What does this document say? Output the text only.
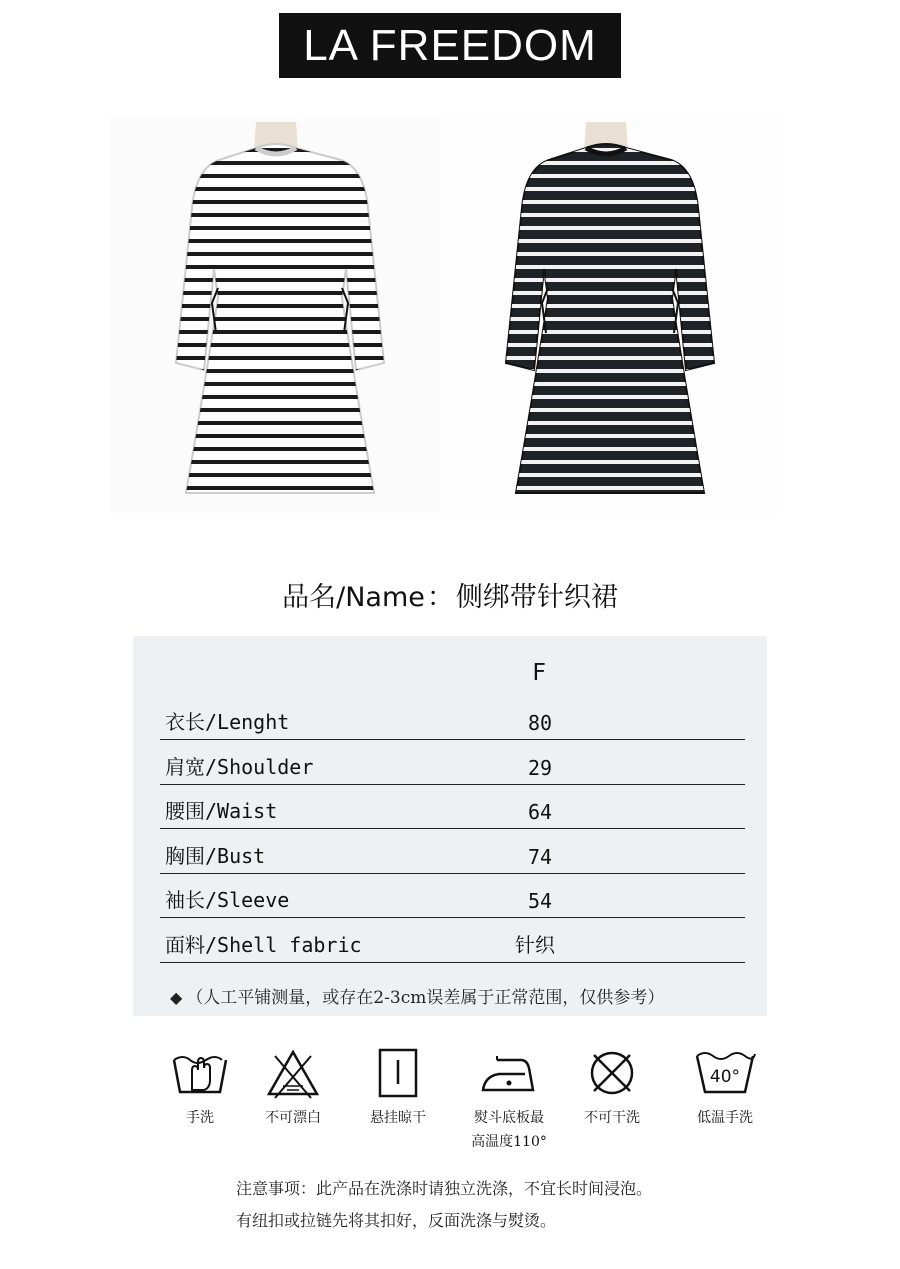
LA FREEDOM
品名/Name：侧绑带针织裙
F
衣长/Lenght	80
肩宽/Shoulder	29
腰围/Waist	64
胸围/Bust	74
袖长/Sleeve	54
面料/Shell fabric	针织
◆ （人工平铺测量，或存在2-3cm误差属于正常范围，仅供参考）
手洗	不可漂白	悬挂晾干	熨斗底板最
高温度110°
不可干洗
40°
低温手洗
注意事项：此产品在洗涤时请独立洗涤，不宜长时间浸泡。
有纽扣或拉链先将其扣好，反面洗涤与熨烫。
